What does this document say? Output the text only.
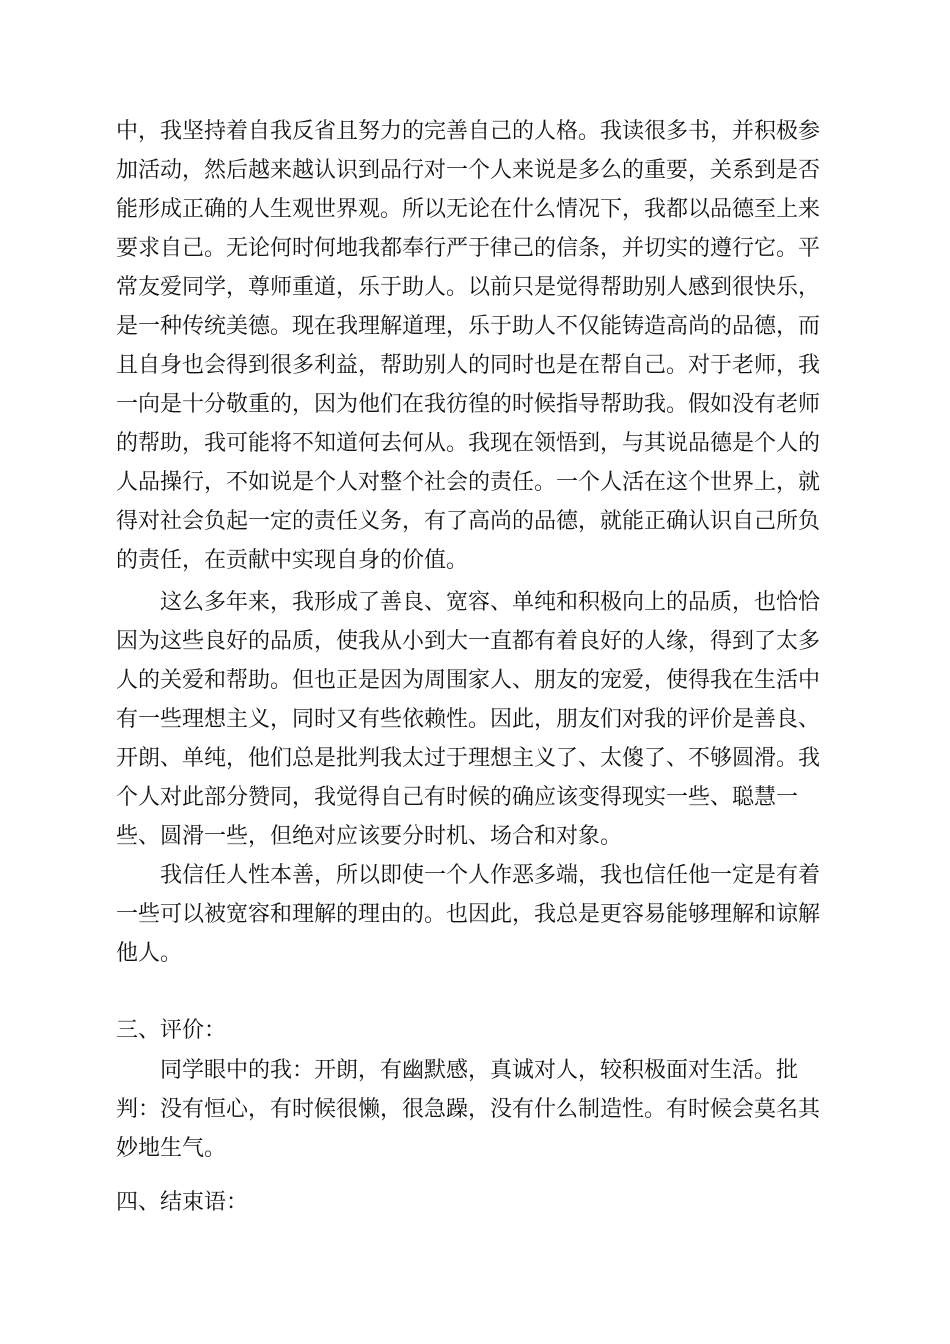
中，我坚持着自我反省且努力的完善自己的人格。我读很多书，并积极参
加活动，然后越来越认识到品行对一个人来说是多么的重要，关系到是否
能形成正确的人生观世界观。所以无论在什么情况下，我都以品德至上来
要求自己。无论何时何地我都奉行严于律己的信条，并切实的遵行它。平
常友爱同学，尊师重道，乐于助人。以前只是觉得帮助别人感到很快乐，
是一种传统美德。现在我理解道理，乐于助人不仅能铸造高尚的品德，而
且自身也会得到很多利益，帮助别人的同时也是在帮自己。对于老师，我
一向是十分敬重的，因为他们在我彷徨的时候指导帮助我。假如没有老师
的帮助，我可能将不知道何去何从。我现在领悟到，与其说品德是个人的
人品操行，不如说是个人对整个社会的责任。一个人活在这个世界上，就
得对社会负起一定的责任义务，有了高尚的品德，就能正确认识自己所负
的责任，在贡献中实现自身的价值。
这么多年来，我形成了善良、宽容、单纯和积极向上的品质，也恰恰
因为这些良好的品质，使我从小到大一直都有着良好的人缘，得到了太多
人的关爱和帮助。但也正是因为周围家人、朋友的宠爱，使得我在生活中
有一些理想主义，同时又有些依赖性。因此，朋友们对我的评价是善良、
开朗、单纯，他们总是批判我太过于理想主义了、太傻了、不够圆滑。我
个人对此部分赞同，我觉得自己有时候的确应该变得现实一些、聪慧一
些、圆滑一些，但绝对应该要分时机、场合和对象。
我信任人性本善，所以即使一个人作恶多端，我也信任他一定是有着
一些可以被宽容和理解的理由的。也因此，我总是更容易能够理解和谅解
他人。
三、评价：
同学眼中的我：开朗，有幽默感，真诚对人，较积极面对生活。批
判：没有恒心，有时候很懒，很急躁，没有什么制造性。有时候会莫名其
妙地生气。
四、结束语：
